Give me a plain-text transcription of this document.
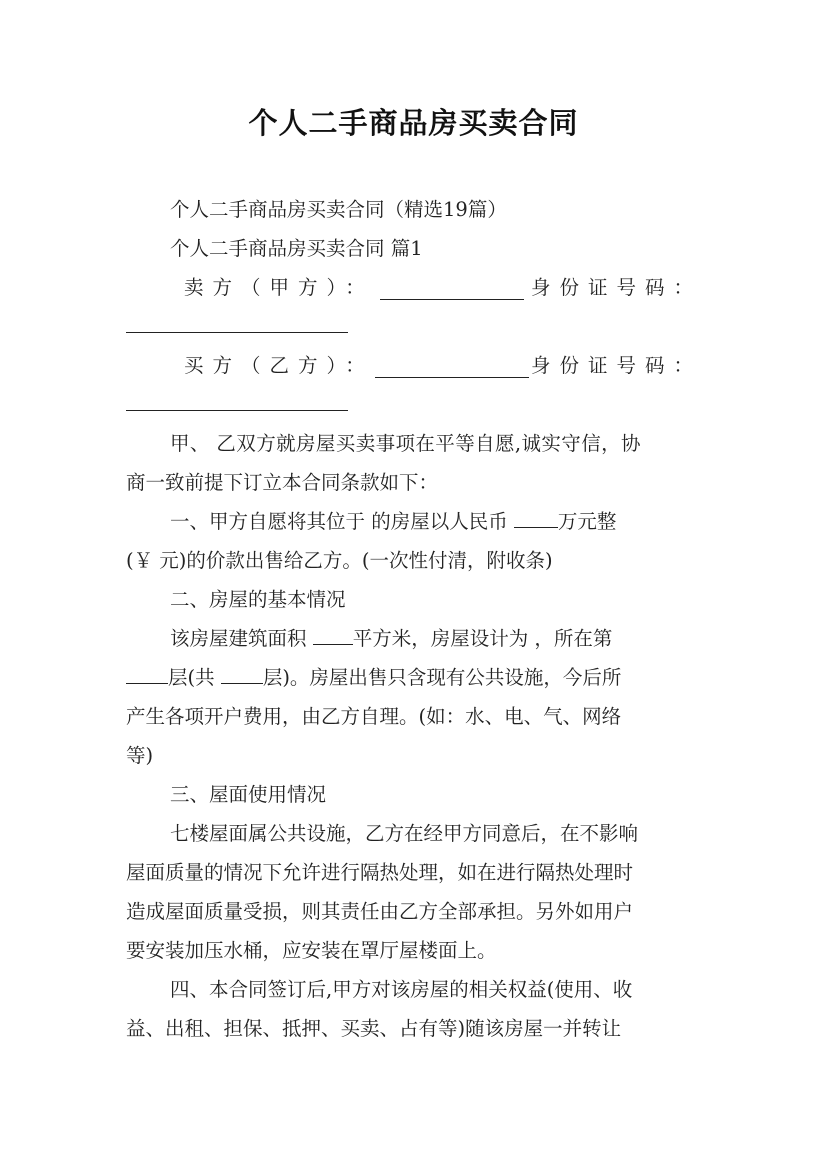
个人二手商品房买卖合同
个人二手商品房买卖合同（精选19篇）
个人二手商品房买卖合同 篇1
卖方（甲方）：	身份证号码：
买方（乙方）：	身份证号码：
甲、 乙双方就房屋买卖事项在平等自愿,诚实守信，协
商一致前提下订立本合同条款如下：
一、甲方自愿将其位于 的房屋以人民币 万元整
(￥ 元)的价款出售给乙方。(一次性付清，附收条)
二、房屋的基本情况
该房屋建筑面积 平方米，房屋设计为 ，所在第
层(共 层)。房屋出售只含现有公共设施，今后所
产生各项开户费用，由乙方自理。(如：水、电、气、网络
等)
三、屋面使用情况
七楼屋面属公共设施，乙方在经甲方同意后，在不影响
屋面质量的情况下允许进行隔热处理，如在进行隔热处理时
造成屋面质量受损，则其责任由乙方全部承担。另外如用户
要安装加压水桶，应安装在罩厅屋楼面上。
四、本合同签订后,甲方对该房屋的相关权益(使用、收
益、出租、担保、抵押、买卖、占有等)随该房屋一并转让
